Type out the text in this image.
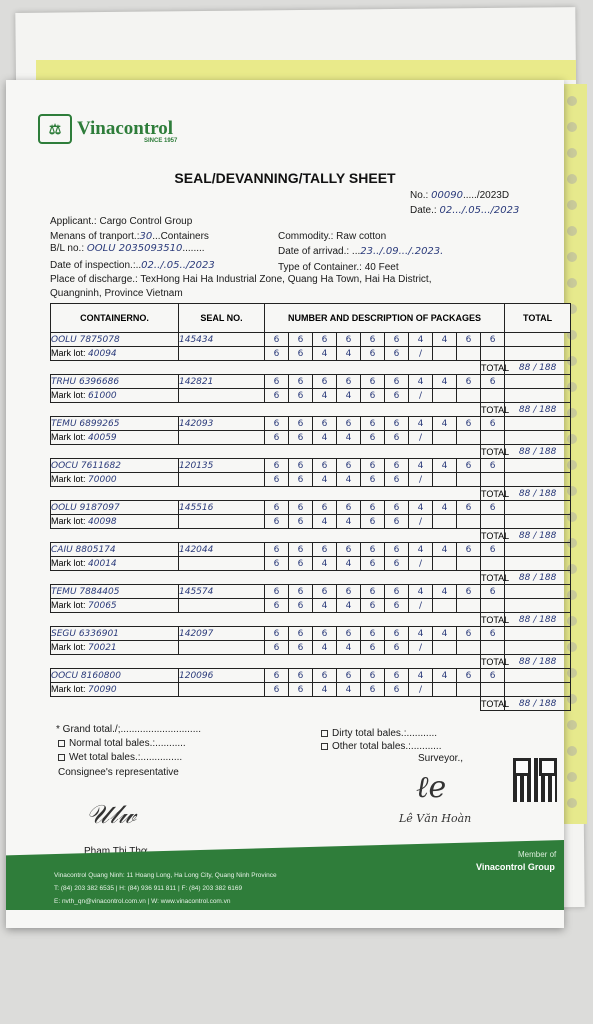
⚖ Vinacontrol
SINCE 1957
SEAL/DEVANNING/TALLY SHEET
No.: 00090...../2023D
Date.: 02.../.05.../2023
Applicant.: Cargo Control Group
Menans of tranport.:30...Containers
B/L no.: OOLU 2035093510........
Date of inspection.:..02../.05../2023
Commodity.: Raw cotton
Date of arrivad.: ...23../.09.../.2023.
Type of Container.: 40 Feet
Place of discharge.: TexHong Hai Ha Industrial Zone, Quang Ha Town, Hai Ha District,
Quangninh, Province Vietnam
CONTAINERNO.	SEAL NO.	NUMBER AND DESCRIPTION OF PACKAGES										TOTAL
OOLU 7875078	145434	6	6	6	6	6	6	4	4	6	6	
Mark lot: 40094		6	6	4	4	6	6	/				
											TOTAL	88 / 188
TRHU 6396686	142821	6	6	6	6	6	6	4	4	6	6	
Mark lot: 61000		6	6	4	4	6	6	/				
											TOTAL	88 / 188
TEMU 6899265	142093	6	6	6	6	6	6	4	4	6	6	
Mark lot: 40059		6	6	4	4	6	6	/				
											TOTAL	88 / 188
OOCU 7611682	120135	6	6	6	6	6	6	4	4	6	6	
Mark lot: 70000		6	6	4	4	6	6	/				
											TOTAL	88 / 188
OOLU 9187097	145516	6	6	6	6	6	6	4	4	6	6	
Mark lot: 40098		6	6	4	4	6	6	/				
											TOTAL	88 / 188
CAIU 8805174	142044	6	6	6	6	6	6	4	4	6	6	
Mark lot: 40014		6	6	4	4	6	6	/				
											TOTAL	88 / 188
TEMU 7884405	145574	6	6	6	6	6	6	4	4	6	6	
Mark lot: 70065		6	6	4	4	6	6	/				
											TOTAL	88 / 188
SEGU 6336901	142097	6	6	6	6	6	6	4	4	6	6	
Mark lot: 70021		6	6	4	4	6	6	/				
											TOTAL	88 / 188
OOCU 8160800	120096	6	6	6	6	6	6	4	4	6	6	
Mark lot: 70090		6	6	4	4	6	6	/				
											TOTAL	88 / 188
* Grand total./;.............................
Normal total bales.:...........
Wet total bales.:...............
Dirty total bales.:...........
Other total bales.:...........
Consignee's representative
Surveyor.,
𝒰𝓁𝓌
ℓe
Lê Văn Hoàn
Phạm Thị Thơ
Vinacontrol Quang Ninh: 11 Hoang Long, Ha Long City, Quang Ninh Province
T: (84) 203 382 6535 | H: (84) 936 911 811 | F: (84) 203 382 6169
E: nvth_qn@vinacontrol.com.vn | W: www.vinacontrol.com.vn
Member of
Vinacontrol Group
